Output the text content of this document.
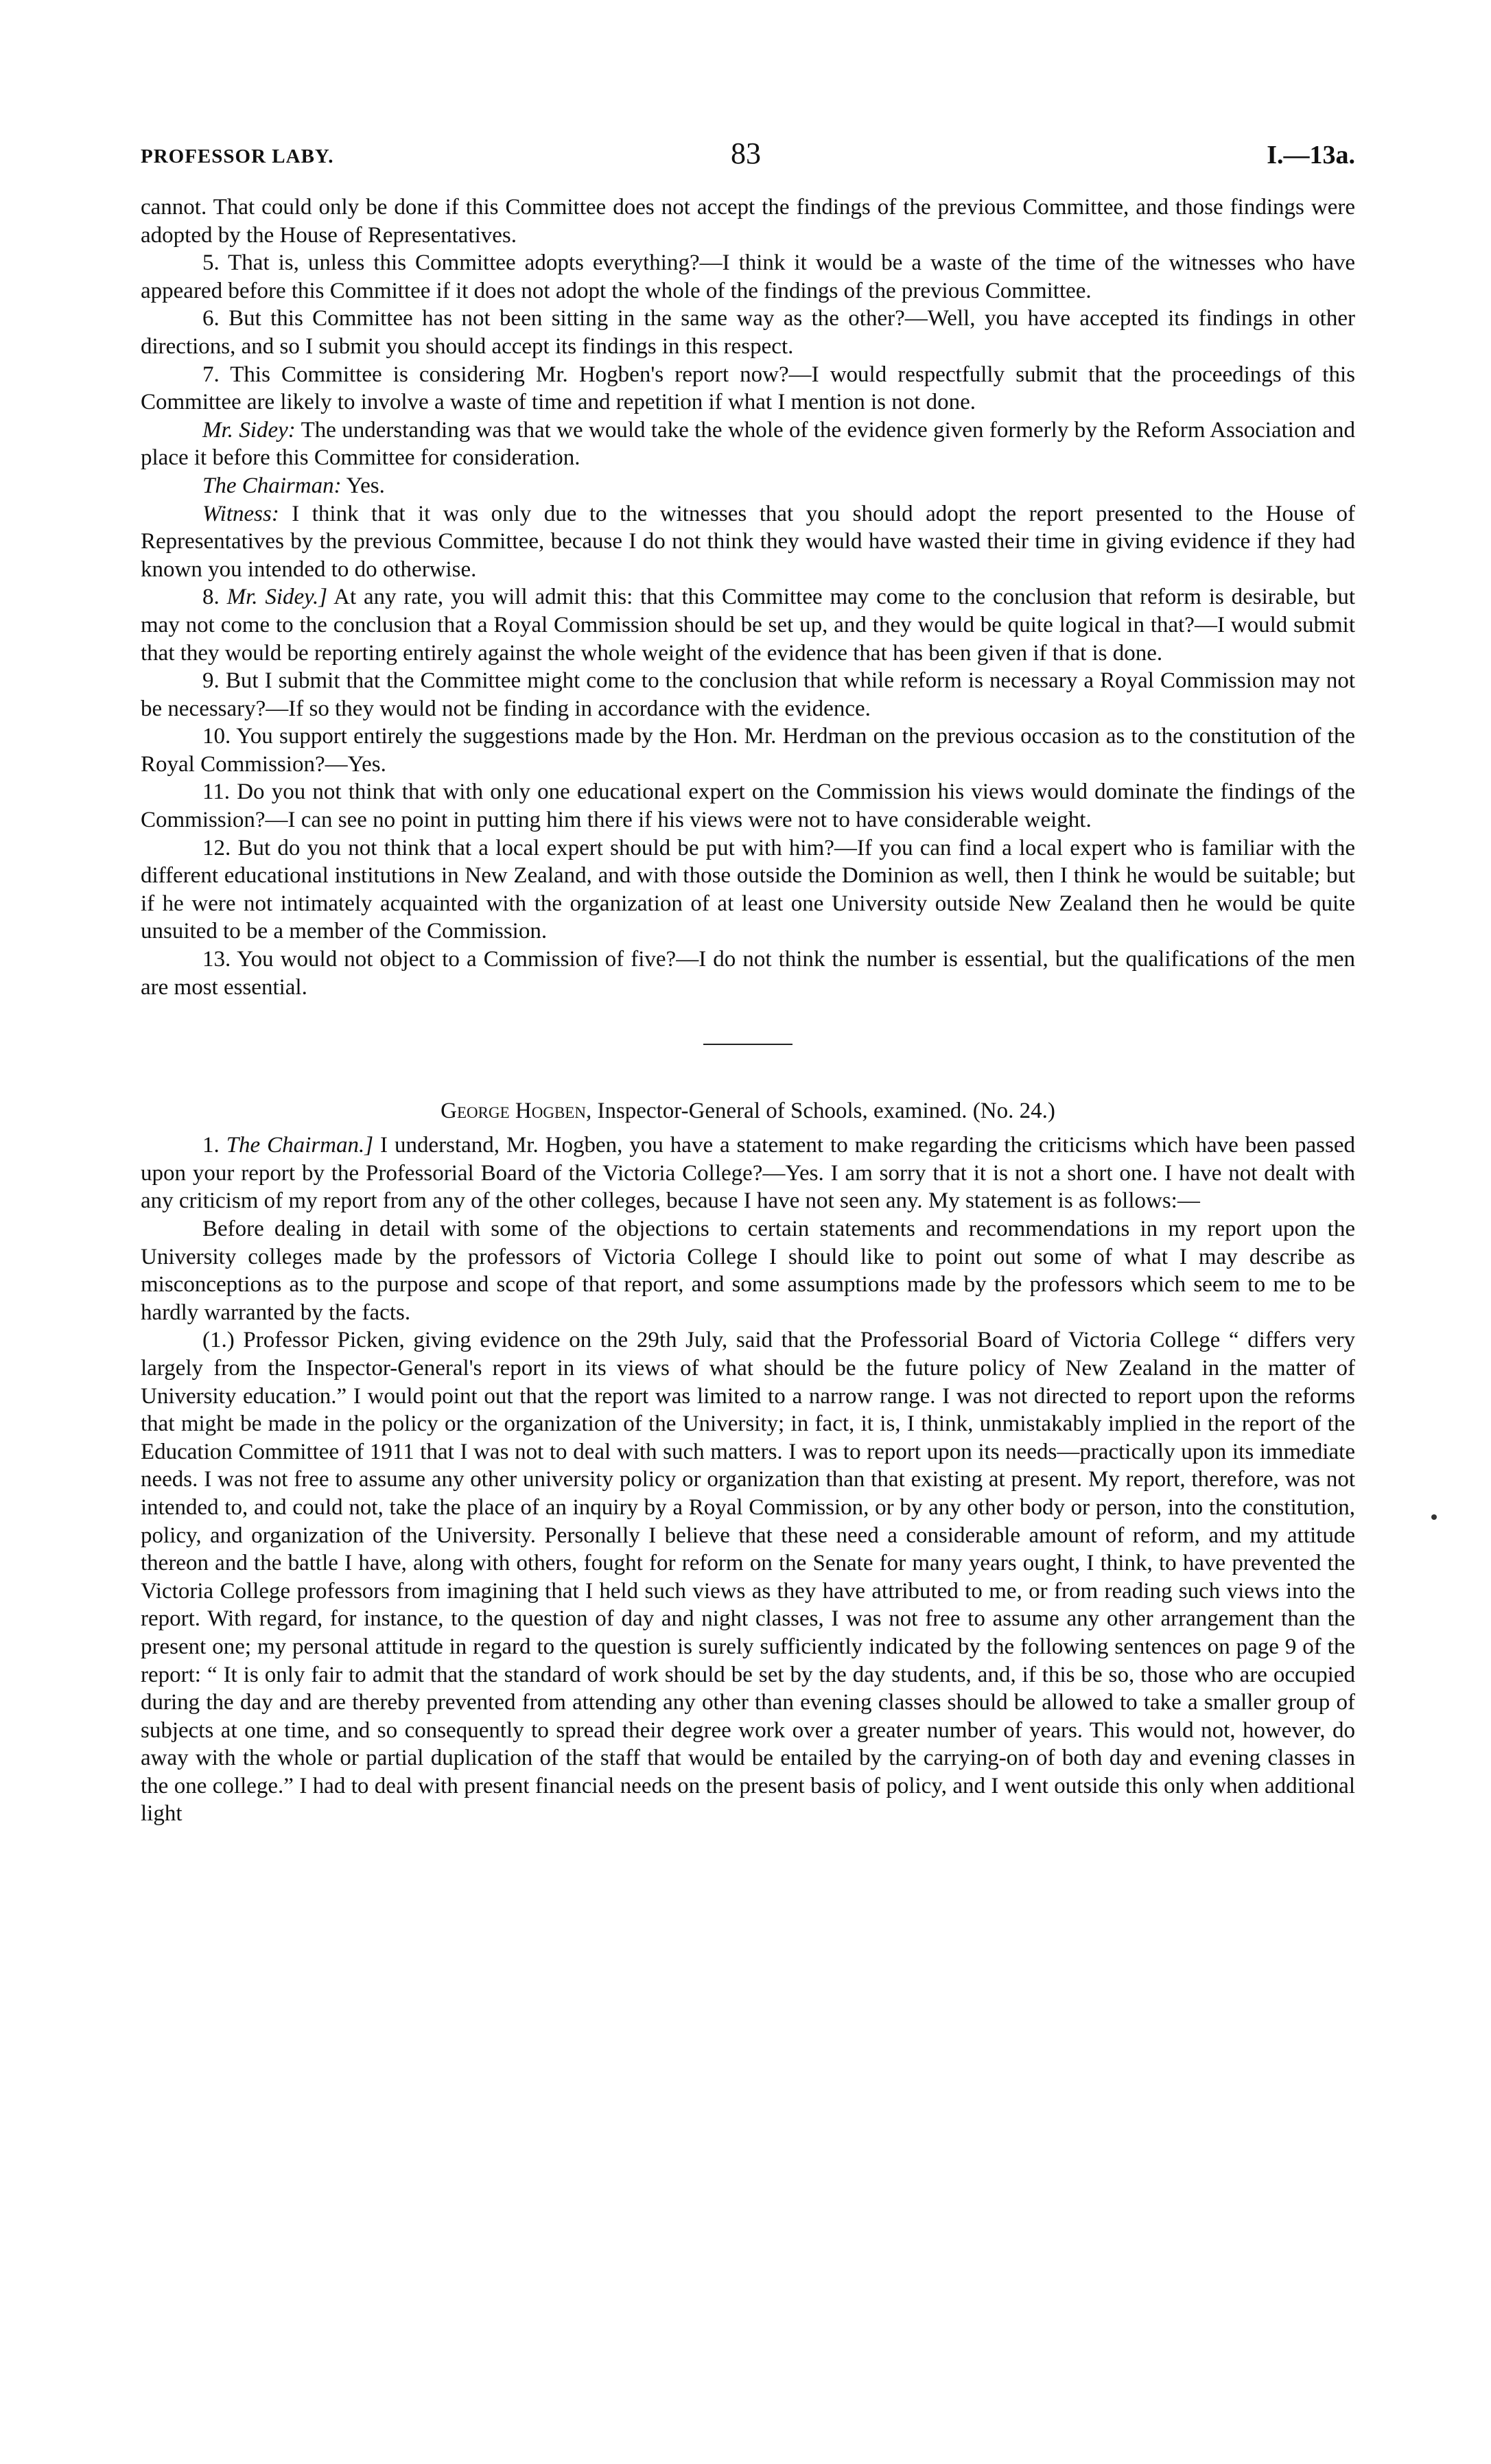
PROFESSOR LABY.	83	I.—13a.

cannot. That could only be done if this Committee does not accept the findings of the previous Committee, and those findings were adopted by the House of Representatives.

5. That is, unless this Committee adopts everything?—I think it would be a waste of the time of the witnesses who have appeared before this Committee if it does not adopt the whole of the findings of the previous Committee.

6. But this Committee has not been sitting in the same way as the other?—Well, you have accepted its findings in other directions, and so I submit you should accept its findings in this respect.

7. This Committee is considering Mr. Hogben's report now?—I would respectfully submit that the proceedings of this Committee are likely to involve a waste of time and repetition if what I mention is not done.

Mr. Sidey: The understanding was that we would take the whole of the evidence given formerly by the Reform Association and place it before this Committee for consideration.

The Chairman: Yes.

Witness: I think that it was only due to the witnesses that you should adopt the report presented to the House of Representatives by the previous Committee, because I do not think they would have wasted their time in giving evidence if they had known you intended to do otherwise.

8. Mr. Sidey.] At any rate, you will admit this: that this Committee may come to the conclusion that reform is desirable, but may not come to the conclusion that a Royal Commission should be set up, and they would be quite logical in that?—I would submit that they would be reporting entirely against the whole weight of the evidence that has been given if that is done.

9. But I submit that the Committee might come to the conclusion that while reform is necessary a Royal Commission may not be necessary?—If so they would not be finding in accordance with the evidence.

10. You support entirely the suggestions made by the Hon. Mr. Herdman on the previous occasion as to the constitution of the Royal Commission?—Yes.

11. Do you not think that with only one educational expert on the Commission his views would dominate the findings of the Commission?—I can see no point in putting him there if his views were not to have considerable weight.

12. But do you not think that a local expert should be put with him?—If you can find a local expert who is familiar with the different educational institutions in New Zealand, and with those outside the Dominion as well, then I think he would be suitable; but if he were not intimately acquainted with the organization of at least one University outside New Zealand then he would be quite unsuited to be a member of the Commission.

13. You would not object to a Commission of five?—I do not think the number is essential, but the qualifications of the men are most essential.

George Hogben, Inspector-General of Schools, examined. (No. 24.)

1. The Chairman.] I understand, Mr. Hogben, you have a statement to make regarding the criticisms which have been passed upon your report by the Professorial Board of the Victoria College?—Yes. I am sorry that it is not a short one. I have not dealt with any criticism of my report from any of the other colleges, because I have not seen any. My statement is as follows:—

Before dealing in detail with some of the objections to certain statements and recommendations in my report upon the University colleges made by the professors of Victoria College I should like to point out some of what I may describe as misconceptions as to the purpose and scope of that report, and some assumptions made by the professors which seem to me to be hardly warranted by the facts.

(1.) Professor Picken, giving evidence on the 29th July, said that the Professorial Board of Victoria College “ differs very largely from the Inspector-General's report in its views of what should be the future policy of New Zealand in the matter of University education.” I would point out that the report was limited to a narrow range. I was not directed to report upon the reforms that might be made in the policy or the organization of the University; in fact, it is, I think, unmistakably implied in the report of the Education Committee of 1911 that I was not to deal with such matters. I was to report upon its needs—practically upon its immediate needs. I was not free to assume any other university policy or organization than that existing at present. My report, therefore, was not intended to, and could not, take the place of an inquiry by a Royal Commission, or by any other body or person, into the constitution, policy, and organization of the University. Personally I believe that these need a considerable amount of reform, and my attitude thereon and the battle I have, along with others, fought for reform on the Senate for many years ought, I think, to have prevented the Victoria College professors from imagining that I held such views as they have attributed to me, or from reading such views into the report. With regard, for instance, to the question of day and night classes, I was not free to assume any other arrangement than the present one; my personal attitude in regard to the question is surely sufficiently indicated by the following sentences on page 9 of the report: “ It is only fair to admit that the standard of work should be set by the day students, and, if this be so, those who are occupied during the day and are thereby prevented from attending any other than evening classes should be allowed to take a smaller group of subjects at one time, and so consequently to spread their degree work over a greater number of years. This would not, however, do away with the whole or partial duplication of the staff that would be entailed by the carrying-on of both day and evening classes in the one college.” I had to deal with present financial needs on the present basis of policy, and I went outside this only when additional light
